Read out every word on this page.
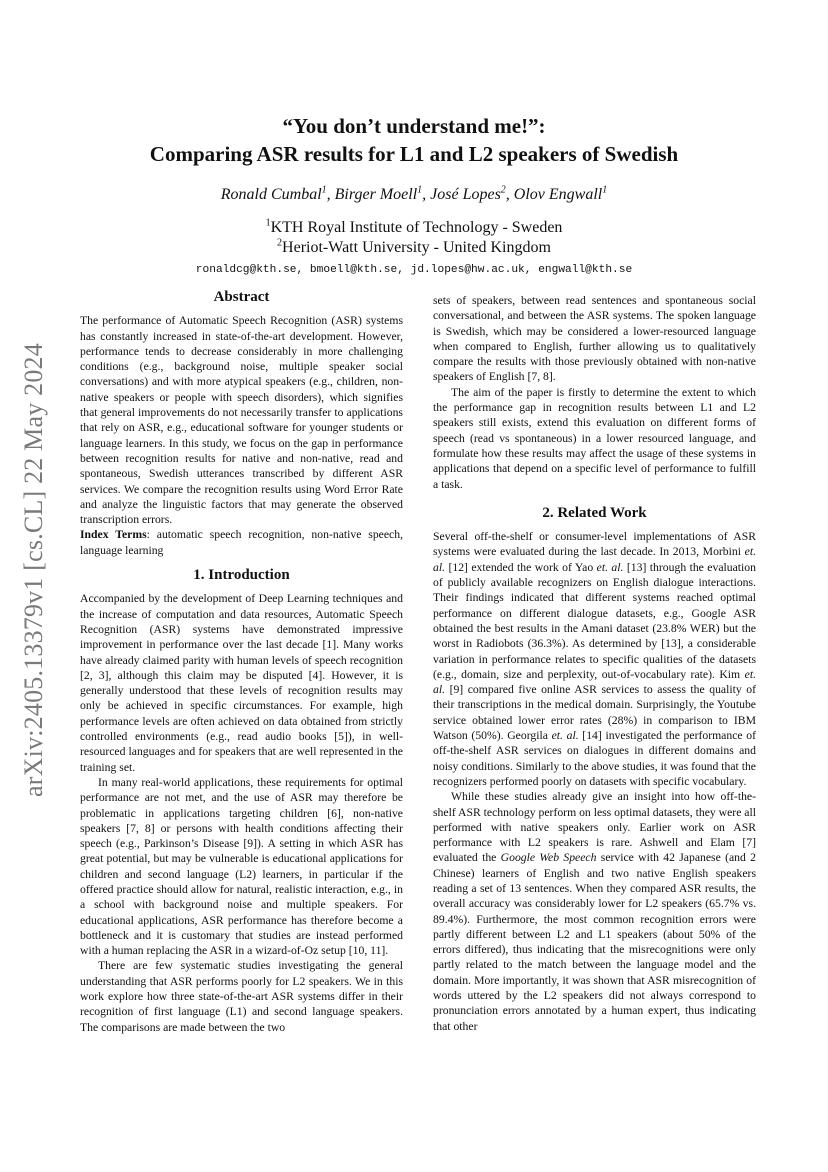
arXiv:2405.13379v1 [cs.CL] 22 May 2024
“You don’t understand me!”:
Comparing ASR results for L1 and L2 speakers of Swedish
Ronald Cumbal$^1$, Birger Moell$^1$, José Lopes$^2$, Olov Engwall$^1$
$^1$KTH Royal Institute of Technology - Sweden
$^2$Heriot-Watt University - United Kingdom
ronaldcg@kth.se, bmoell@kth.se, jd.lopes@hw.ac.uk, engwall@kth.se
Abstract

The performance of Automatic Speech Recognition (ASR) systems has constantly increased in state-of-the-art development. However, performance tends to decrease considerably in more challenging conditions (e.g., background noise, multiple speaker social conversations) and with more atypical speakers (e.g., children, non-native speakers or people with speech disorders), which signifies that general improvements do not necessarily transfer to applications that rely on ASR, e.g., educational software for younger students or language learners. In this study, we focus on the gap in performance between recognition results for native and non-native, read and spontaneous, Swedish utterances transcribed by different ASR services. We compare the recognition results using Word Error Rate and analyze the linguistic factors that may generate the observed transcription errors.

Index Terms: automatic speech recognition, non-native speech, language learning

1. Introduction

Accompanied by the development of Deep Learning techniques and the increase of computation and data resources, Automatic Speech Recognition (ASR) systems have demonstrated impressive improvement in performance over the last decade [1]. Many works have already claimed parity with human levels of speech recognition [2, 3], although this claim may be disputed [4]. However, it is generally understood that these levels of recognition results may only be achieved in specific circumstances. For example, high performance levels are often achieved on data obtained from strictly controlled environments (e.g., read audio books [5]), in well-resourced languages and for speakers that are well represented in the training set.

In many real-world applications, these requirements for optimal performance are not met, and the use of ASR may therefore be problematic in applications targeting children [6], non-native speakers [7, 8] or persons with health conditions affecting their speech (e.g., Parkinson’s Disease [9]). A setting in which ASR has great potential, but may be vulnerable is educational applications for children and second language (L2) learners, in particular if the offered practice should allow for natural, realistic interaction, e.g., in a school with background noise and multiple speakers. For educational applications, ASR performance has therefore become a bottleneck and it is customary that studies are instead performed with a human replacing the ASR in a wizard-of-Oz setup [10, 11].

There are few systematic studies investigating the general understanding that ASR performs poorly for L2 speakers. We in this work explore how three state-of-the-art ASR systems differ in their recognition of first language (L1) and second language speakers. The comparisons are made between the two

sets of speakers, between read sentences and spontaneous social conversational, and between the ASR systems. The spoken language is Swedish, which may be considered a lower-resourced language when compared to English, further allowing us to qualitatively compare the results with those previously obtained with non-native speakers of English [7, 8].

The aim of the paper is firstly to determine the extent to which the performance gap in recognition results between L1 and L2 speakers still exists, extend this evaluation on different forms of speech (read vs spontaneous) in a lower resourced language, and formulate how these results may affect the usage of these systems in applications that depend on a specific level of performance to fulfill a task.

2. Related Work

Several off-the-shelf or consumer-level implementations of ASR systems were evaluated during the last decade. In 2013, Morbini et. al. [12] extended the work of Yao et. al. [13] through the evaluation of publicly available recognizers on English dialogue interactions. Their findings indicated that different systems reached optimal performance on different dialogue datasets, e.g., Google ASR obtained the best results in the Amani dataset (23.8% WER) but the worst in Radiobots (36.3%). As determined by [13], a considerable variation in performance relates to specific qualities of the datasets (e.g., domain, size and perplexity, out-of-vocabulary rate). Kim et. al. [9] compared five online ASR services to assess the quality of their transcriptions in the medical domain. Surprisingly, the Youtube service obtained lower error rates (28%) in comparison to IBM Watson (50%). Georgila et. al. [14] investigated the performance of off-the-shelf ASR services on dialogues in different domains and noisy conditions. Similarly to the above studies, it was found that the recognizers performed poorly on datasets with specific vocabulary.

While these studies already give an insight into how off-the-shelf ASR technology perform on less optimal datasets, they were all performed with native speakers only. Earlier work on ASR performance with L2 speakers is rare. Ashwell and Elam [7] evaluated the Google Web Speech service with 42 Japanese (and 2 Chinese) learners of English and two native English speakers reading a set of 13 sentences. When they compared ASR results, the overall accuracy was considerably lower for L2 speakers (65.7% vs. 89.4%). Furthermore, the most common recognition errors were partly different between L2 and L1 speakers (about 50% of the errors differed), thus indicating that the misrecognitions were only partly related to the match between the language model and the domain. More importantly, it was shown that ASR misrecognition of words uttered by the L2 speakers did not always correspond to pronunciation errors annotated by a human expert, thus indicating that other
